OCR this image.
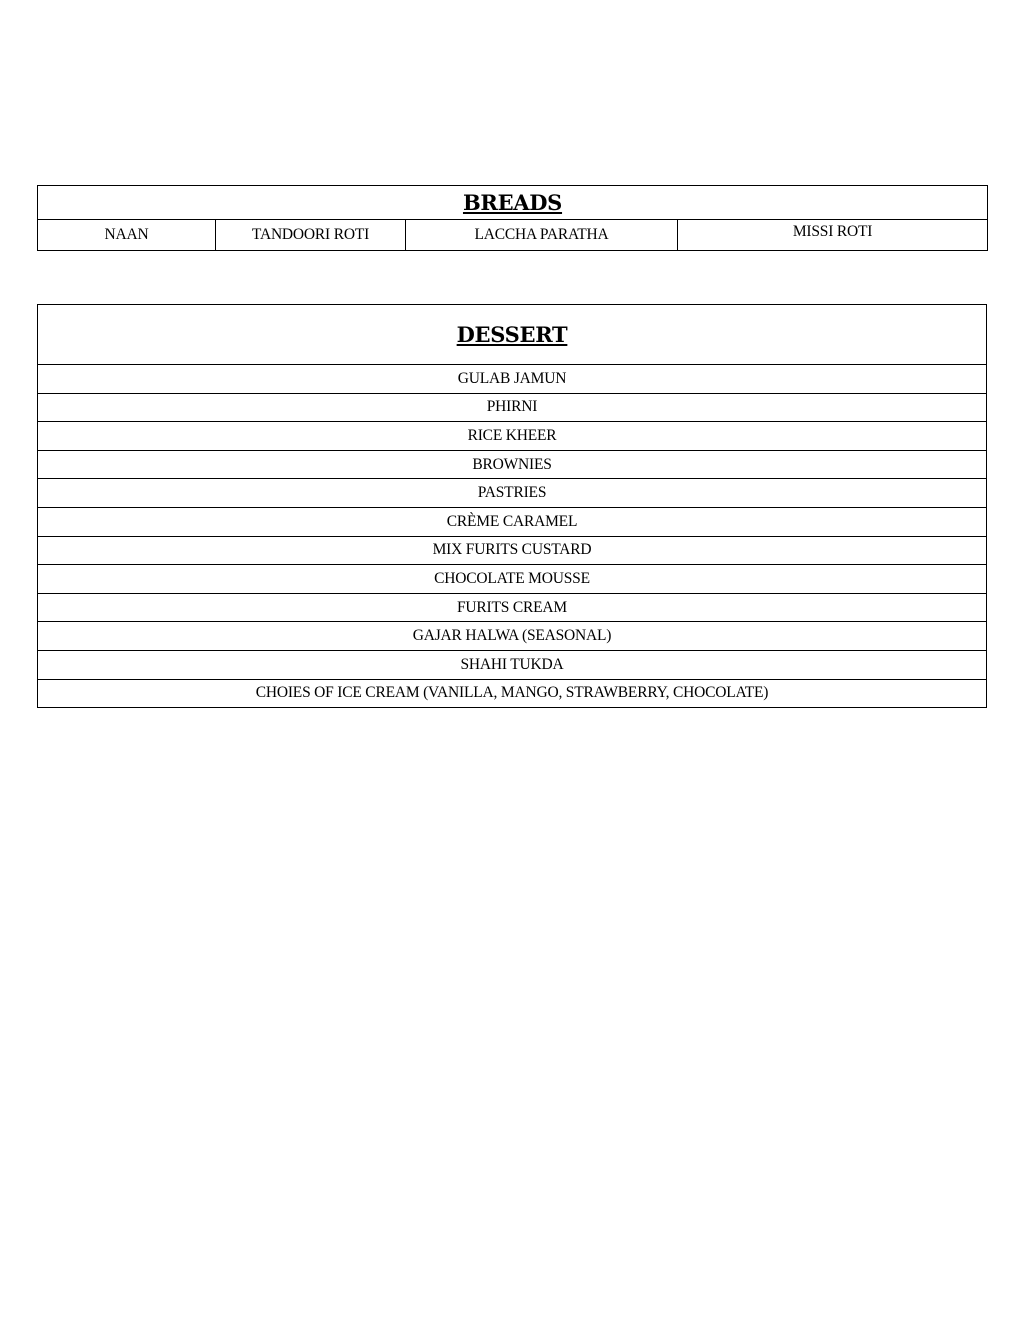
BREADS
NAAN	TANDOORI ROTI	LACCHA PARATHA	MISSI ROTI
DESSERT
GULAB JAMUN
PHIRNI
RICE KHEER
BROWNIES
PASTRIES
CRÈME CARAMEL
MIX FURITS CUSTARD
CHOCOLATE MOUSSE
FURITS CREAM
GAJAR HALWA (SEASONAL)
SHAHI TUKDA
CHOIES OF ICE CREAM (VANILLA, MANGO, STRAWBERRY, CHOCOLATE)
